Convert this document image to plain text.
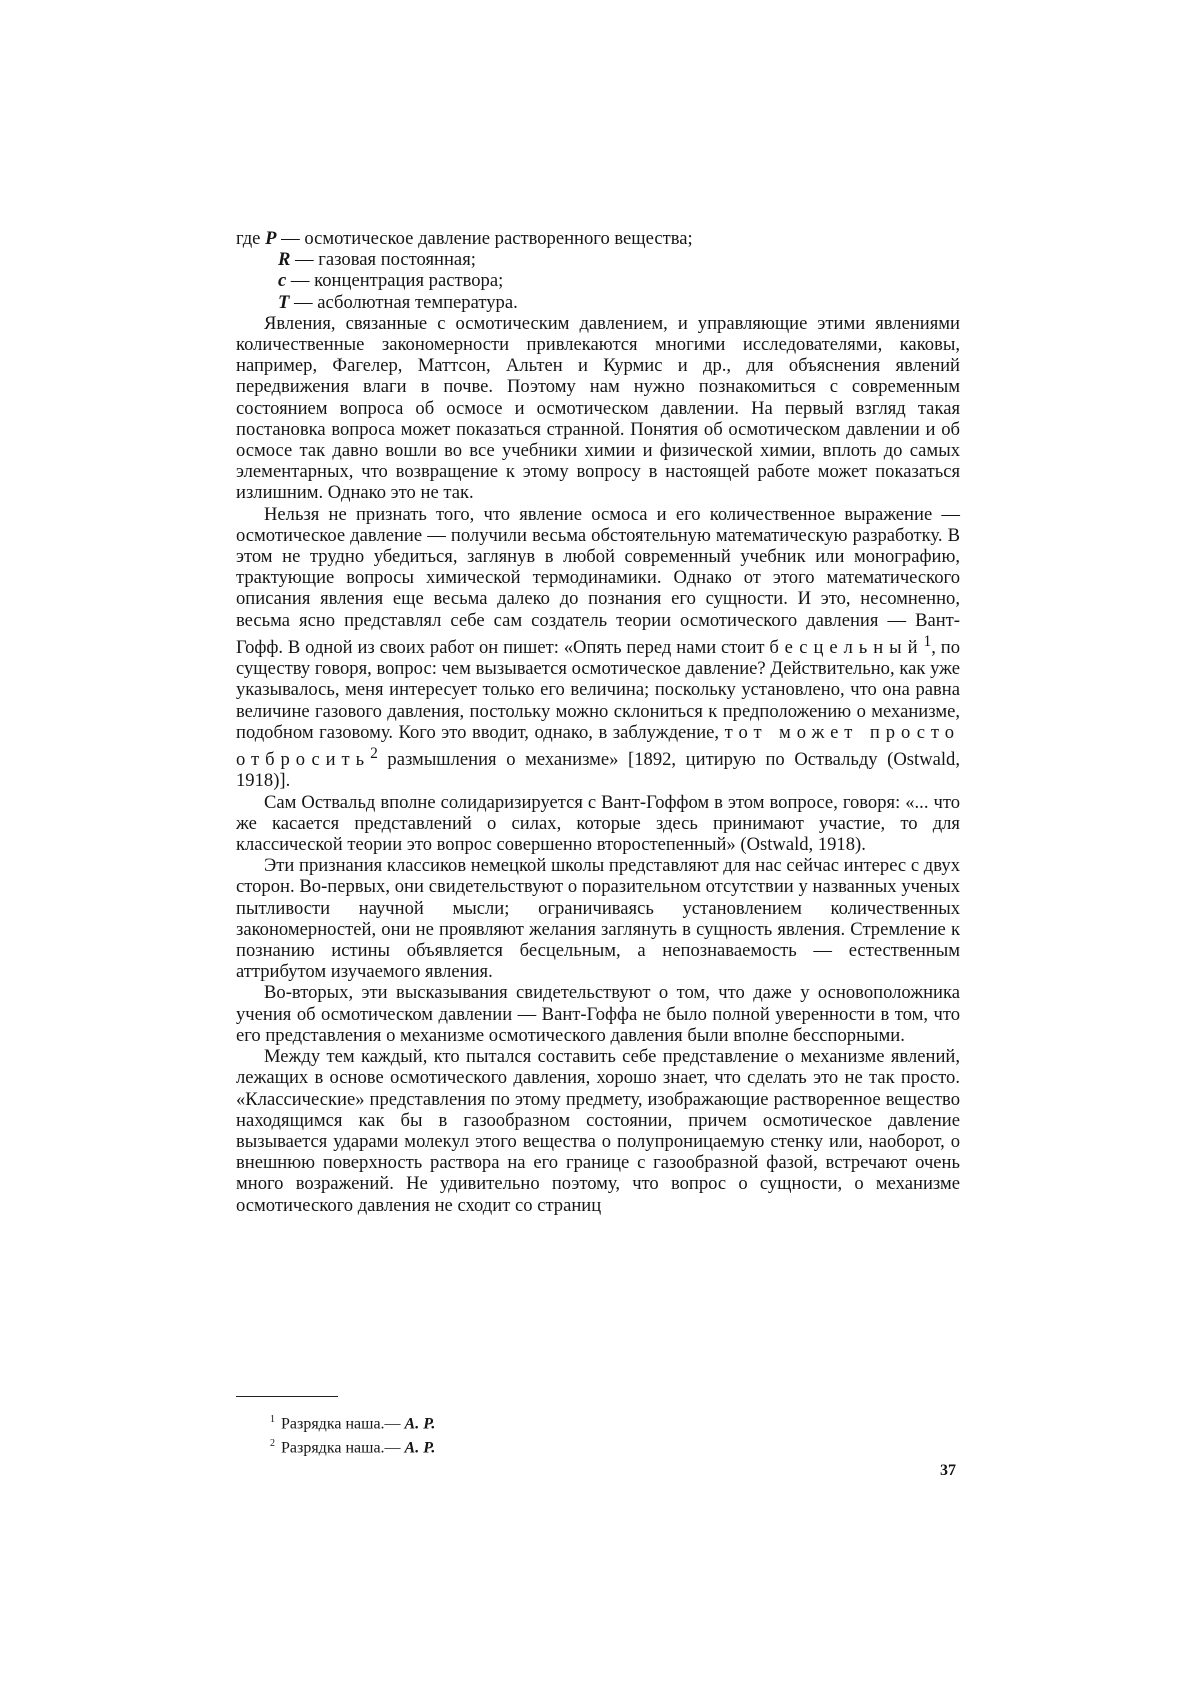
где P — осмотическое давление растворенного вещества;
R — газовая постоянная;
c — концентрация раствора;
T — асболютная температура.

Явления, связанные с осмотическим давлением, и управляющие этими явлениями количественные закономерности привлекаются многими исследователями, каковы, например, Фагелер, Маттсон, Альтен и Курмис и др., для объяснения явлений передвижения влаги в почве. Поэтому нам нужно познакомиться с современным состоянием вопроса об осмосе и осмотическом давлении. На первый взгляд такая постановка вопроса может показаться странной. Понятия об осмотическом давлении и об осмосе так давно вошли во все учебники химии и физической химии, вплоть до самых элементарных, что возвращение к этому вопросу в настоящей работе может показаться излишним. Однако это не так.

Нельзя не признать того, что явление осмоса и его количественное выражение — осмотическое давление — получили весьма обстоятельную математическую разработку. В этом не трудно убедиться, заглянув в любой современный учебник или монографию, трактующие вопросы химической термодинамики. Однако от этого математического описания явления еще весьма далеко до познания его сущности. И это, несомненно, весьма ясно представлял себе сам создатель теории осмотического давления — Вант-Гофф. В одной из своих работ он пишет: «Опять перед нами стоит бесцельный$^1$, по существу говоря, вопрос: чем вызывается осмотическое давление? Действительно, как уже указывалось, меня интересует только его величина; поскольку установлено, что она равна величине газового давления, постольку можно склониться к предположению о механизме, подобном газовому. Кого это вводит, однако, в заблуждение, тот может просто отбросить$^2$ размышления о механизме» [1892, цитирую по Оствальду (Ostwald, 1918)].

Сам Оствальд вполне солидаризируется с Вант-Гоффом в этом вопросе, говоря: «... что же касается представлений о силах, которые здесь принимают участие, то для классической теории это вопрос совершенно второстепенный» (Ostwald, 1918).

Эти признания классиков немецкой школы представляют для нас сейчас интерес с двух сторон. Во-первых, они свидетельствуют о поразительном отсутствии у названных ученых пытливости научной мысли; ограничиваясь установлением количественных закономерностей, они не проявляют желания заглянуть в сущность явления. Стремление к познанию истины объявляется бесцельным, а непознаваемость — естественным аттрибутом изучаемого явления.

Во-вторых, эти высказывания свидетельствуют о том, что даже у основоположника учения об осмотическом давлении — Вант-Гоффа не было полной уверенности в том, что его представления о механизме осмотического давления были вполне бесспорными.

Между тем каждый, кто пытался составить себе представление о механизме явлений, лежащих в основе осмотического давления, хорошо знает, что сделать это не так просто. «Классические» представления по этому предмету, изображающие растворенное вещество находящимся как бы в газообразном состоянии, причем осмотическое давление вызывается ударами молекул этого вещества о полупроницаемую стенку или, наоборот, о внешнюю поверхность раствора на его границе с газообразной фазой, встречают очень много возражений. Не удивительно поэтому, что вопрос о сущности, о механизме осмотического давления не сходит со страниц

$^1$ Разрядка наша.— А. Р.
$^2$ Разрядка наша.— А. Р.
37
